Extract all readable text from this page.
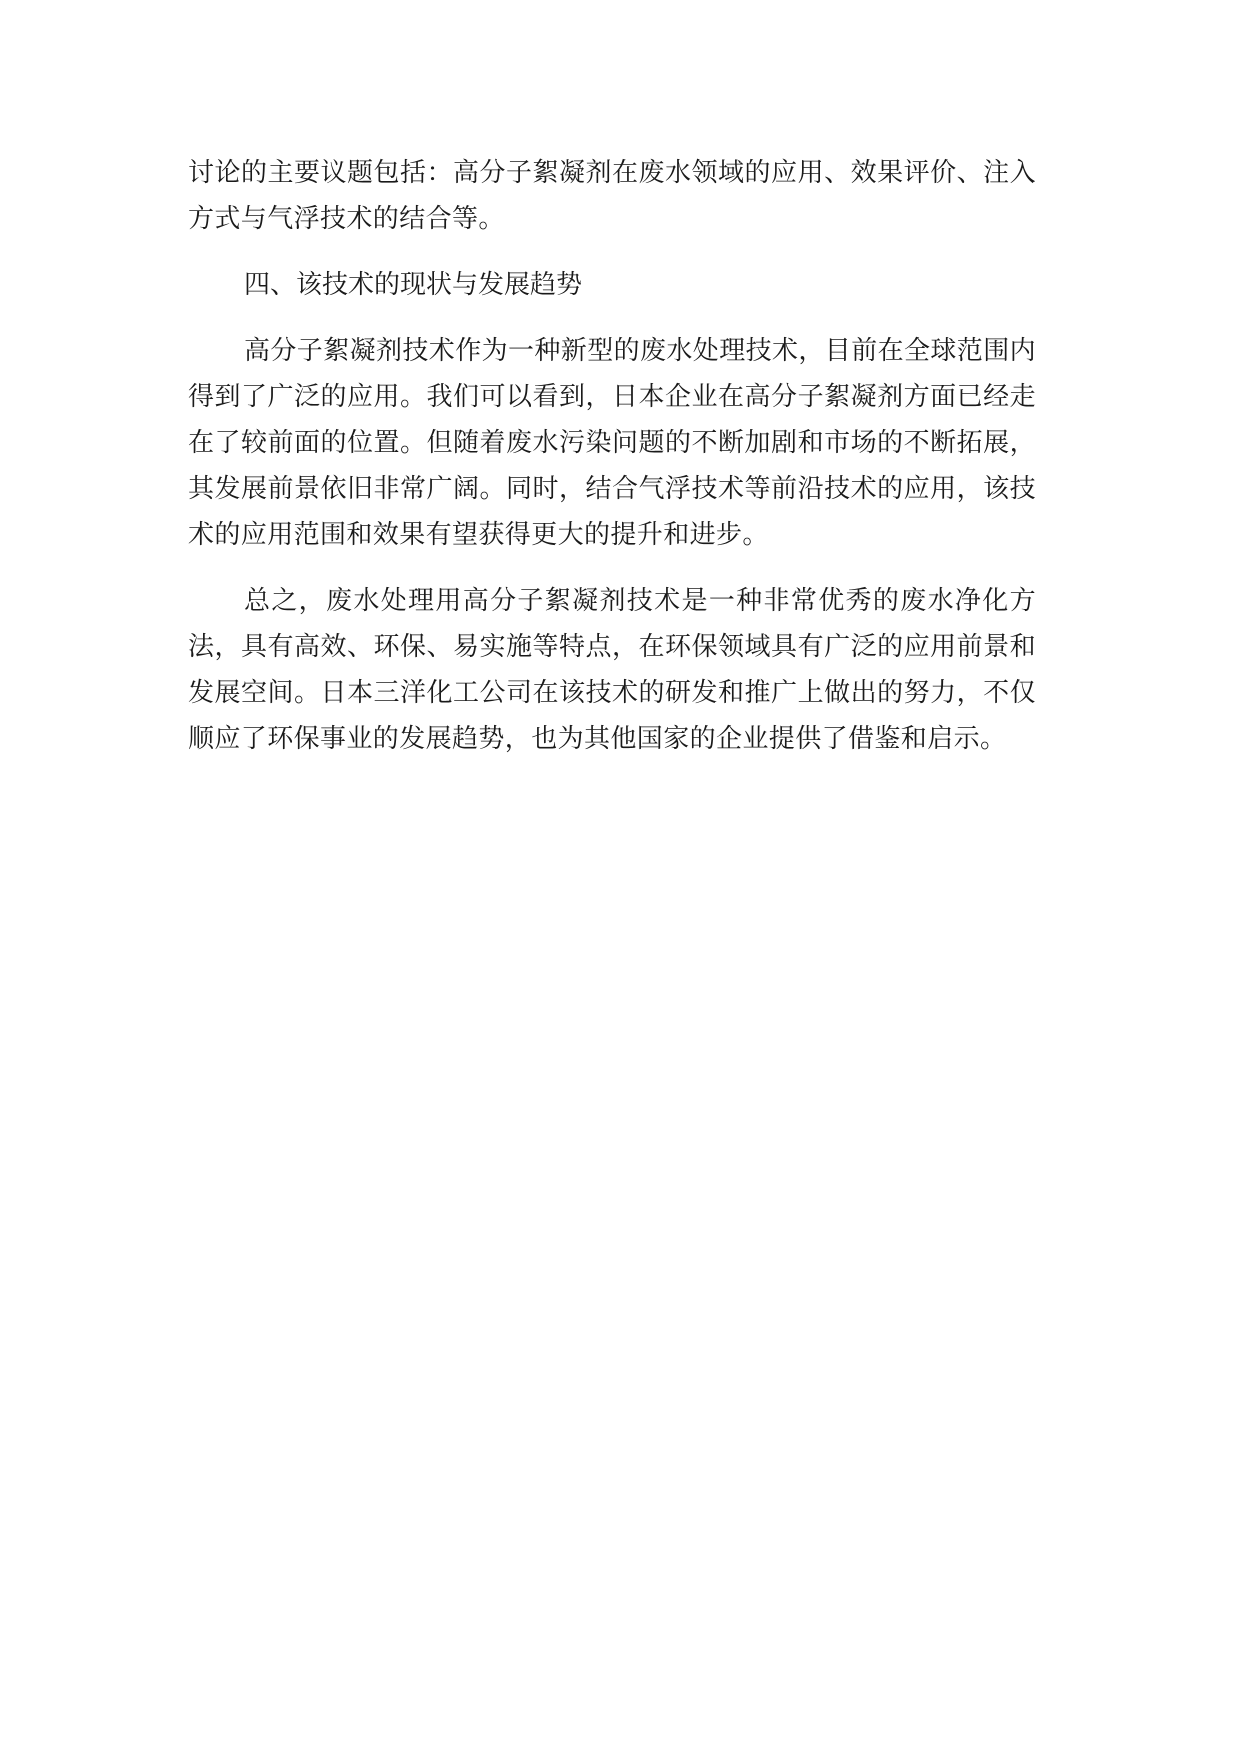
讨论的主要议题包括：高分子絮凝剂在废水领域的应用、效果评价、注入方式与气浮技术的结合等。

四、该技术的现状与发展趋势

高分子絮凝剂技术作为一种新型的废水处理技术，目前在全球范围内得到了广泛的应用。我们可以看到，日本企业在高分子絮凝剂方面已经走在了较前面的位置。但随着废水污染问题的不断加剧和市场的不断拓展，其发展前景依旧非常广阔。同时，结合气浮技术等前沿技术的应用，该技术的应用范围和效果有望获得更大的提升和进步。

总之，废水处理用高分子絮凝剂技术是一种非常优秀的废水净化方法，具有高效、环保、易实施等特点，在环保领域具有广泛的应用前景和发展空间。日本三洋化工公司在该技术的研发和推广上做出的努力，不仅顺应了环保事业的发展趋势，也为其他国家的企业提供了借鉴和启示。
